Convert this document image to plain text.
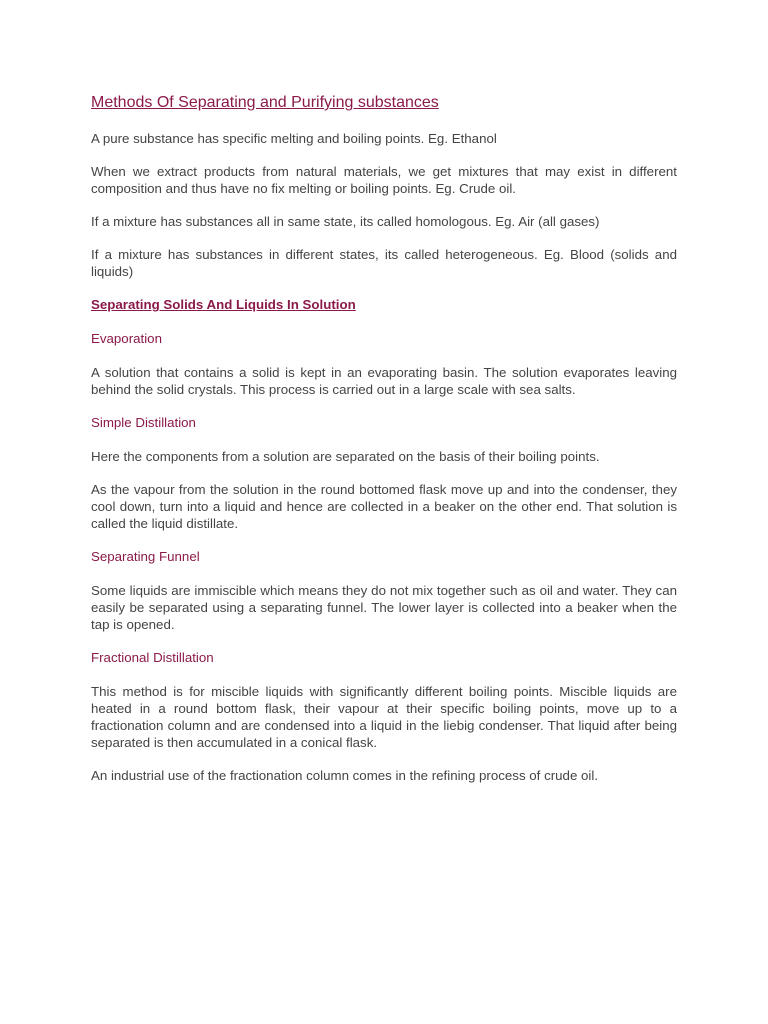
Methods Of Separating and Purifying substances

A pure substance has specific melting and boiling points. Eg. Ethanol

When we extract products from natural materials, we get mixtures that may exist in different composition and thus have no fix melting or boiling points. Eg. Crude oil.

If a mixture has substances all in same state, its called homologous. Eg. Air (all gases)

If a mixture has substances in different states, its called heterogeneous. Eg. Blood (solids and liquids)

Separating Solids And Liquids In Solution
Evaporation

A solution that contains a solid is kept in an evaporating basin. The solution evaporates leaving behind the solid crystals. This process is carried out in a large scale with sea salts.

Simple Distillation

Here the components from a solution are separated on the basis of their boiling points.

As the vapour from the solution in the round bottomed flask move up and into the condenser, they cool down, turn into a liquid and hence are collected in a beaker on the other end. That solution is called the liquid distillate.

Separating Funnel

Some liquids are immiscible which means they do not mix together such as oil and water. They can easily be separated using a separating funnel. The lower layer is collected into a beaker when the tap is opened.

Fractional Distillation

This method is for miscible liquids with significantly different boiling points. Miscible liquids are heated in a round bottom flask, their vapour at their specific boiling points, move up to a fractionation column and are condensed into a liquid in the liebig condenser. That liquid after being separated is then accumulated in a conical flask.

An industrial use of the fractionation column comes in the refining process of crude oil.
